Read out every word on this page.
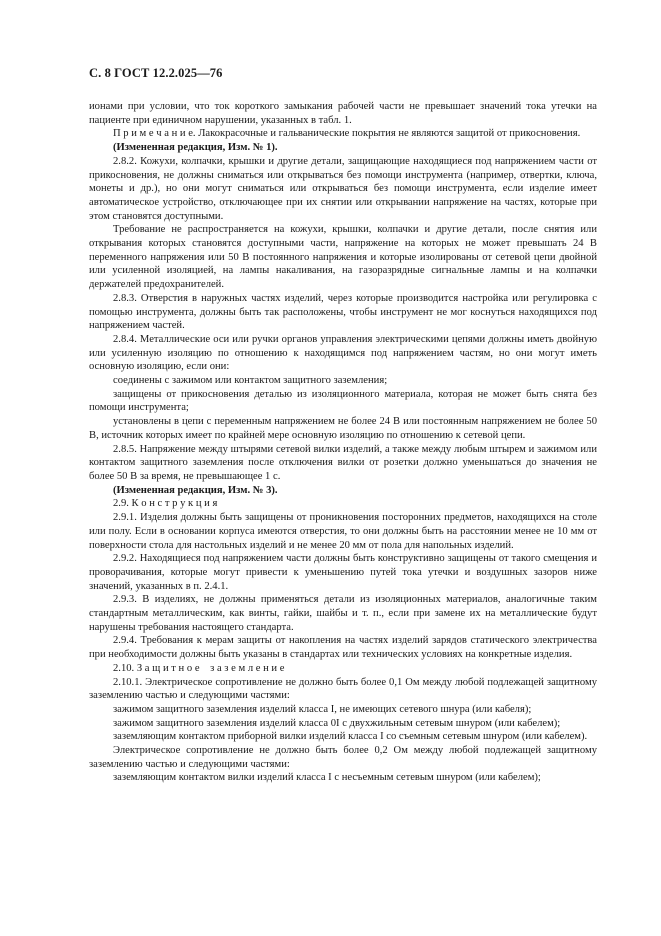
С. 8 ГОСТ 12.2.025—76

ионами при условии, что ток короткого замыкания рабочей части не превышает значений тока утечки на пациенте при единичном нарушении, указанных в табл. 1.

П р и м е ч а н и е. Лакокрасочные и гальванические покрытия не являются защитой от прикосновения.

(Измененная редакция, Изм. № 1).

2.8.2. Кожухи, колпачки, крышки и другие детали, защищающие находящиеся под напряжением части от прикосновения, не должны сниматься или открываться без помощи инструмента (например, отвертки, ключа, монеты и др.), но они могут сниматься или открываться без помощи инструмента, если изделие имеет автоматическое устройство, отключающее при их снятии или открывании напряжение на частях, которые при этом становятся доступными.

Требование не распространяется на кожухи, крышки, колпачки и другие детали, после снятия или открывания которых становятся доступными части, напряжение на которых не может превышать 24 В переменного напряжения или 50 В постоянного напряжения и которые изолированы от сетевой цепи двойной или усиленной изоляцией, на лампы накаливания, на газоразрядные сигнальные лампы и на колпачки держателей предохранителей.

2.8.3. Отверстия в наружных частях изделий, через которые производится настройка или регулировка с помощью инструмента, должны быть так расположены, чтобы инструмент не мог коснуться находящихся под напряжением частей.

2.8.4. Металлические оси или ручки органов управления электрическими цепями должны иметь двойную или усиленную изоляцию по отношению к находящимся под напряжением частям, но они могут иметь основную изоляцию, если они:

соединены с зажимом или контактом защитного заземления;

защищены от прикосновения деталью из изоляционного материала, которая не может быть снята без помощи инструмента;

установлены в цепи с переменным напряжением не более 24 В или постоянным напряжением не более 50 В, источник которых имеет по крайней мере основную изоляцию по отношению к сетевой цепи.

2.8.5. Напряжение между штырями сетевой вилки изделий, а также между любым штырем и зажимом или контактом защитного заземления после отключения вилки от розетки должно уменьшаться до значения не более 50 В за время, не превышающее 1 с.

(Измененная редакция, Изм. № 3).

2.9. К о н с т р у к ц и я

2.9.1. Изделия должны быть защищены от проникновения посторонних предметов, находящихся на столе или полу. Если в основании корпуса имеются отверстия, то они должны быть на расстоянии менее не 10 мм от поверхности стола для настольных изделий и не менее 20 мм от пола для напольных изделий.

2.9.2. Находящиеся под напряжением части должны быть конструктивно защищены от такого смещения и проворачивания, которые могут привести к уменьшению путей тока утечки и воздушных зазоров ниже значений, указанных в п. 2.4.1.

2.9.3. В изделиях, не должны применяться детали из изоляционных материалов, аналогичные таким стандартным металлическим, как винты, гайки, шайбы и т. п., если при замене их на металлические будут нарушены требования настоящего стандарта.

2.9.4. Требования к мерам защиты от накопления на частях изделий зарядов статического электричества при необходимости должны быть указаны в стандартах или технических условиях на конкретные изделия.

2.10. З а щ и т н о е    з а з е м л е н и е

2.10.1. Электрическое сопротивление не должно быть более 0,1 Ом между любой подлежащей защитному заземлению частью и следующими частями:

зажимом защитного заземления изделий класса I, не имеющих сетевого шнура (или кабеля);

зажимом защитного заземления изделий класса 0I с двухжильным сетевым шнуром (или кабелем);

заземляющим контактом приборной вилки изделий класса I со съемным сетевым шнуром (или кабелем).

Электрическое сопротивление не должно быть более 0,2 Ом между любой подлежащей защитному заземлению частью и следующими частями:

заземляющим контактом вилки изделий класса I с несъемным сетевым шнуром (или кабелем);
